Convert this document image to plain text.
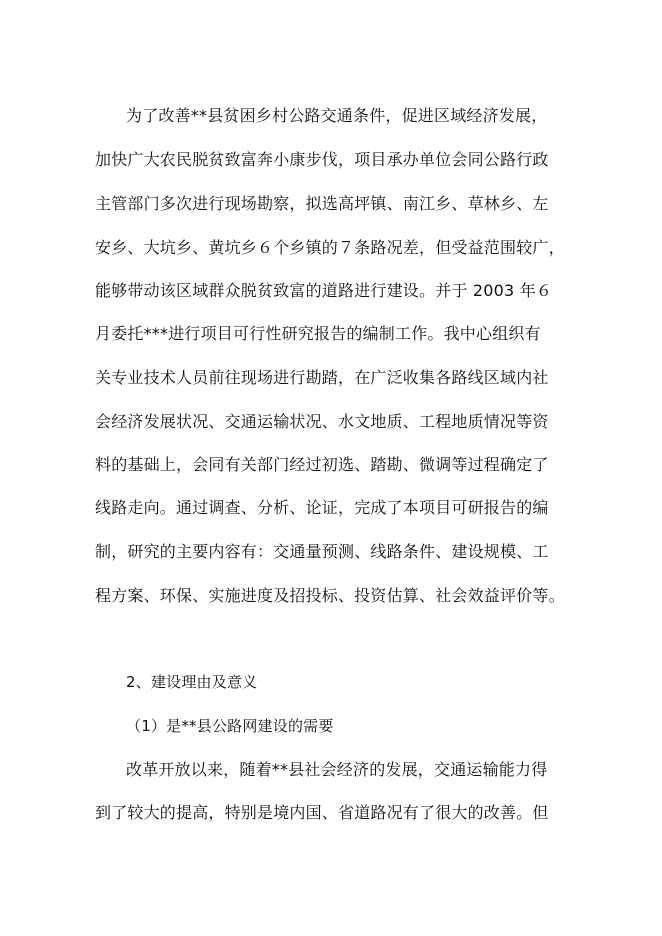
为了改善**县贫困乡村公路交通条件，促进区域经济发展，
加快广大农民脱贫致富奔小康步伐，项目承办单位会同公路行政
主管部门多次进行现场勘察，拟选高坪镇、南江乡、草林乡、左
安乡、大坑乡、黄坑乡６个乡镇的７条路况差，但受益范围较广，
能够带动该区域群众脱贫致富的道路进行建设。并于 2003 年６
月委托***进行项目可行性研究报告的编制工作。我中心组织有
关专业技术人员前往现场进行勘踏，在广泛收集各路线区域内社
会经济发展状况、交通运输状况、水文地质、工程地质情况等资
料的基础上，会同有关部门经过初选、踏勘、微调等过程确定了
线路走向。通过调查、分析、论证，完成了本项目可研报告的编
制，研究的主要内容有：交通量预测、线路条件、建设规模、工
程方案、环保、实施进度及招投标、投资估算、社会效益评价等。
2、建设理由及意义
（1）是**县公路网建设的需要
改革开放以来，随着**县社会经济的发展，交通运输能力得
到了较大的提高，特别是境内国、省道路况有了很大的改善。但
